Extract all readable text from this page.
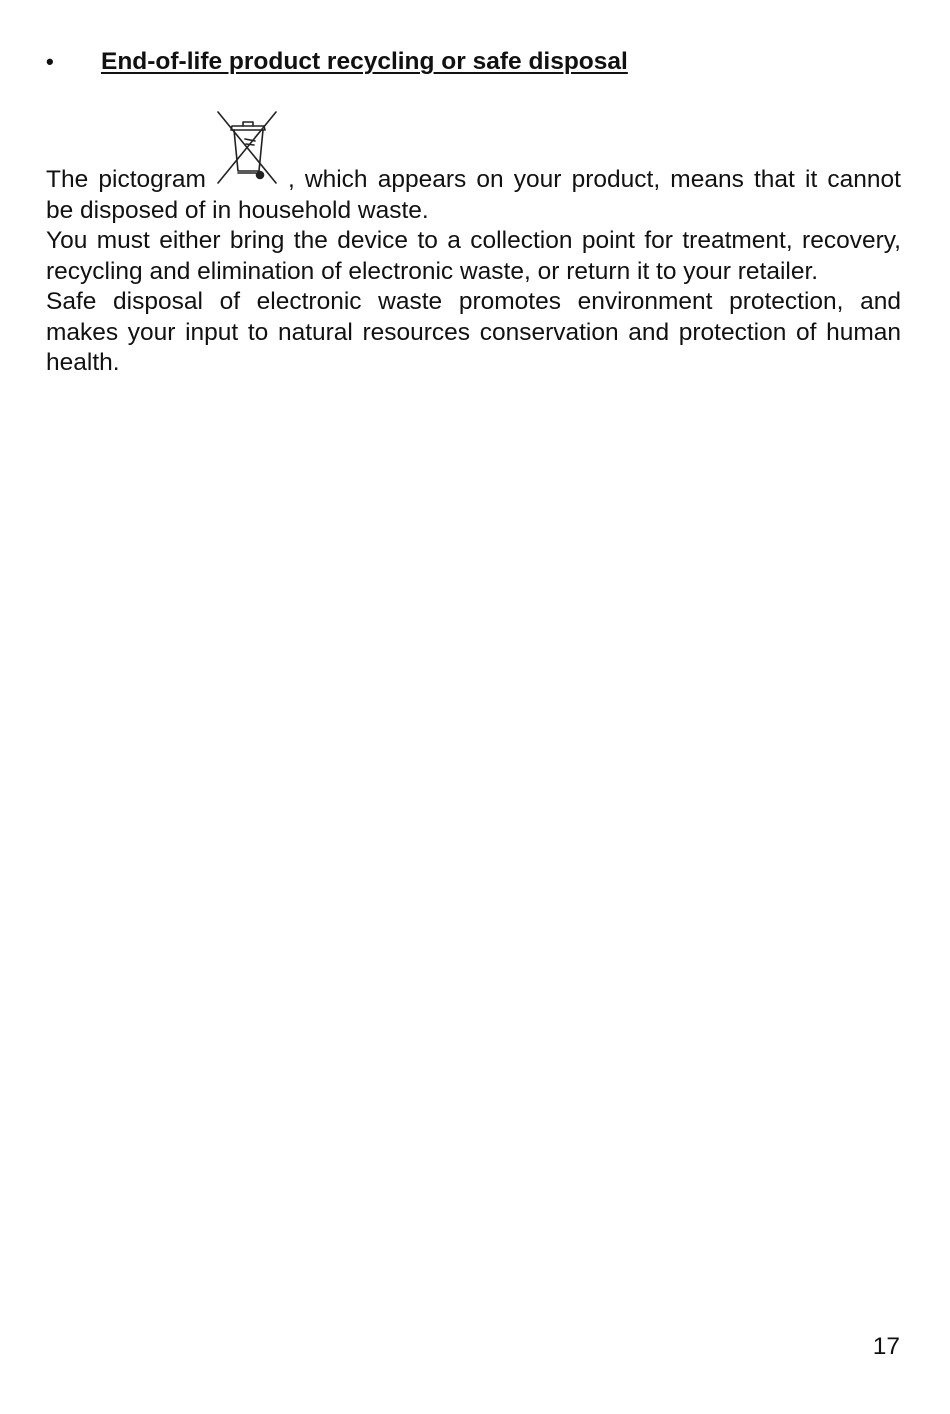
•	End-of-life product recycling or safe disposal

The pictogram	, which appears on your product, means that it cannot be disposed of in household waste.

You must either bring the device to a collection point for treatment, recovery, recycling and elimination of electronic waste, or return it to your retailer.

Safe disposal of electronic waste promotes environment protection, and makes your input to natural resources conservation and protection of human health.

17
